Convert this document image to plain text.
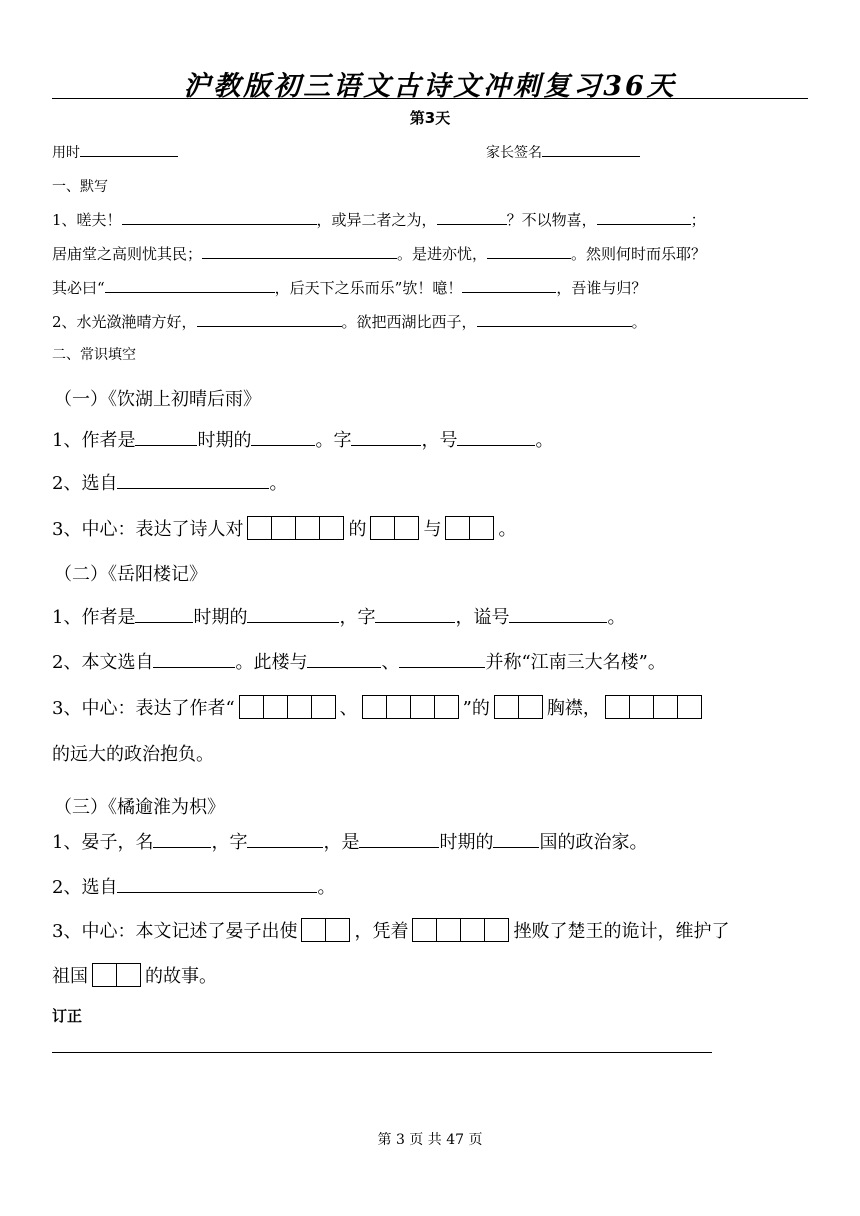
沪教版初三语文古诗文冲刺复习36天
第3天
用时	家长签名
一、默写
1、嗟夫！	，或异二者之为，	？不以物喜，	；
居庙堂之高则忧其民；	。是进亦忧，	。然则何时而乐耶？
其必曰“	，后天下之乐而乐”欤！噫！	，吾谁与归？
2、水光潋滟晴方好，	。欲把西湖比西子，	。
二、常识填空
（一）《饮湖上初晴后雨》
1、作者是	时期的	。字	，号	。
2、选自	。
3、中心：表达了诗人对	的	与	。
（二）《岳阳楼记》
1、作者是	时期的	，字	，谥号	。
2、本文选自	。此楼与	、	并称“江南三大名楼”。
3、中心：表达了作者“	、	”的	胸襟，
的远大的政治抱负。
（三）《橘逾淮为枳》
1、晏子，名	，字	，是	时期的	国的政治家。
2、选自	。
3、中心：本文记述了晏子出使	，凭着	挫败了楚王的诡计，维护了
祖国	的故事。
订正
第 3 页 共 47 页
